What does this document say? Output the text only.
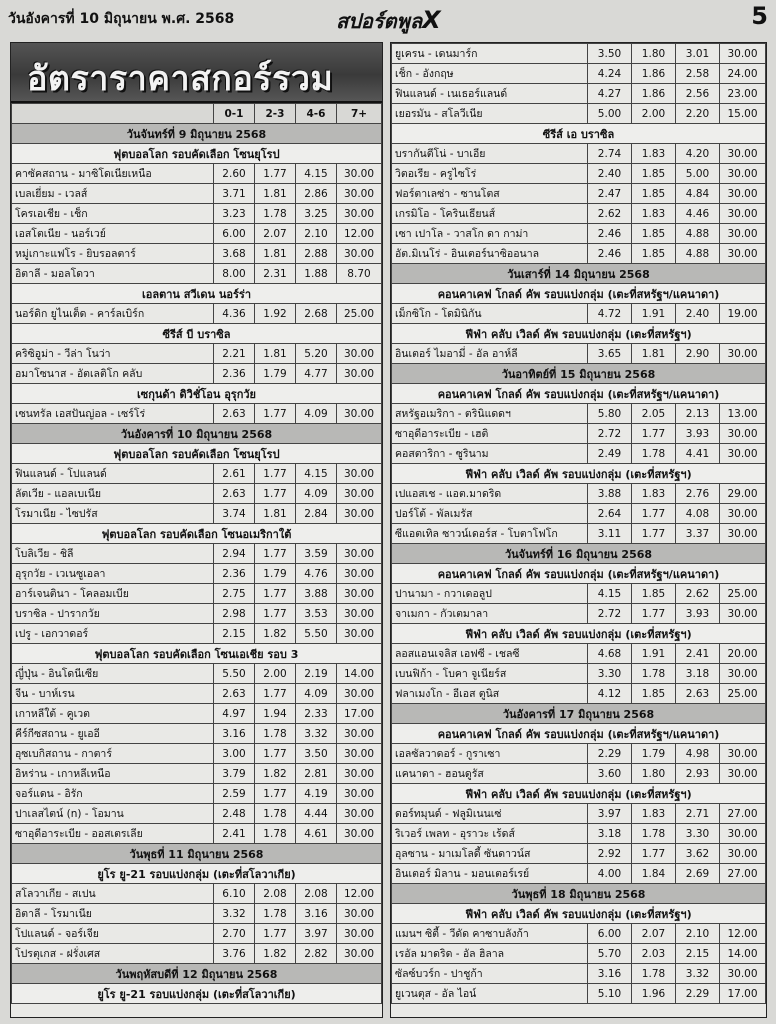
วันอังคารที่ 10 มิถุนายน พ.ศ. 2568	สปอร์ตพูลX	5
อัตราราคาสกอร์รวม
	0-1	2-3	4-6	7+
วันจันทร์ที่ 9 มิถุนายน 2568				
ฟุตบอลโลก รอบคัดเลือก โซนยุโรป				
คาซัคสถาน - มาซิโดเนียเหนือ	2.60	1.77	4.15	30.00
เบลเยี่ยม - เวลส์	3.71	1.81	2.86	30.00
โครเอเชีย - เช็ก	3.23	1.78	3.25	30.00
เอสโตเนีย - นอร์เวย์	6.00	2.07	2.10	12.00
หมู่เกาะแฟโร - ยิบรอลตาร์	3.68	1.81	2.88	30.00
อิตาลี - มอลโดวา	8.00	2.31	1.88	8.70
เอลตาน สวีเดน นอร์ร่า				
นอร์ดิก ยูไนเต็ด - คาร์ลเบิร์ก	4.36	1.92	2.68	25.00
ซีรีส์ บี บราซิล				
คริซิอูม่า - วีล่า โนว่า	2.21	1.81	5.20	30.00
อมาโซนาส - อัตเลติโก คลับ	2.36	1.79	4.77	30.00
เซกุนด้า ดิวิชั่โอน อุรุกวัย				
เซนทรัล เอสปันญ่อล - เซร์โร่	2.63	1.77	4.09	30.00
วันอังคารที่ 10 มิถุนายน 2568				
ฟุตบอลโลก รอบคัดเลือก โซนยุโรป				
ฟินแลนด์ - โปแลนด์	2.61	1.77	4.15	30.00
ลัตเวีย - แอลเบเนีย	2.63	1.77	4.09	30.00
โรมาเนีย - ไซปรัส	3.74	1.81	2.84	30.00
ฟุตบอลโลก รอบคัดเลือก โซนอเมริกาใต้				
โบลิเวีย - ชิลี	2.94	1.77	3.59	30.00
อุรุกวัย - เวเนซูเอลา	2.36	1.79	4.76	30.00
อาร์เจนตินา - โคลอมเบีย	2.75	1.77	3.88	30.00
บราซิล - ปารากวัย	2.98	1.77	3.53	30.00
เปรู - เอกวาดอร์	2.15	1.82	5.50	30.00
ฟุตบอลโลก รอบคัดเลือก โซนเอเชีย รอบ 3				
ญี่ปุ่น - อินโดนีเซีย	5.50	2.00	2.19	14.00
จีน - บาห์เรน	2.63	1.77	4.09	30.00
เกาหลีใต้ - คูเวต	4.97	1.94	2.33	17.00
คีร์กีซสถาน - ยูเออี	3.16	1.78	3.32	30.00
อุซเบกิสถาน - กาตาร์	3.00	1.77	3.50	30.00
อิหร่าน - เกาหลีเหนือ	3.79	1.82	2.81	30.00
จอร์แดน - อิรัก	2.59	1.77	4.19	30.00
ปาเลสไตน์ (n) - โอมาน	2.48	1.78	4.44	30.00
ซาอุดีอาระเบีย - ออสเตรเลีย	2.41	1.78	4.61	30.00
วันพุธที่ 11 มิถุนายน 2568				
ยูโร ยู-21 รอบแบ่งกลุ่ม (เตะที่สโลวาเกีย)				
สโลวาเกีย - สเปน	6.10	2.08	2.08	12.00
อิตาลี - โรมาเนีย	3.32	1.78	3.16	30.00
โปแลนด์ - จอร์เจีย	2.70	1.77	3.97	30.00
โปรตุเกส - ฝรั่งเศส	3.76	1.82	2.82	30.00
วันพฤหัสบดีที่ 12 มิถุนายน 2568				
ยูโร ยู-21 รอบแบ่งกลุ่ม (เตะที่สโลวาเกีย)				
ยูเครน - เดนมาร์ก	3.50	1.80	3.01	30.00
เช็ก - อังกฤษ	4.24	1.86	2.58	24.00
ฟินแลนด์ - เนเธอร์แลนด์	4.27	1.86	2.56	23.00
เยอรมัน - สโลวีเนีย	5.00	2.00	2.20	15.00
ซีรีส์ เอ บราซิล				
บรากันตีโน่ - บาเอีย	2.74	1.83	4.20	30.00
วิตอเรีย - ครูไซโร่	2.40	1.85	5.00	30.00
ฟอร์ตาเลซ่า - ซานโตส	2.47	1.85	4.84	30.00
เกรมิโอ - โครินเธียนส์	2.62	1.83	4.46	30.00
เซา เปาโล - วาสโก ดา กาม่า	2.46	1.85	4.88	30.00
อัต.มิเนโร่ - อินเตอร์นาซิออนาล	2.46	1.85	4.88	30.00
วันเสาร์ที่ 14 มิถุนายน 2568				
คอนคาเคฟ โกลด์ คัพ รอบแบ่งกลุ่ม (เตะที่สหรัฐฯ/แคนาดา)				
เม็กซิโก - โดมินิกัน	4.72	1.91	2.40	19.00
ฟีฟ่า คลับ เวิลด์ คัพ รอบแบ่งกลุ่ม (เตะที่สหรัฐฯ)				
อินเตอร์ ไมอามี่ - อัล อาห์ลี	3.65	1.81	2.90	30.00
วันอาทิตย์ที่ 15 มิถุนายน 2568				
คอนคาเคฟ โกลด์ คัพ รอบแบ่งกลุ่ม (เตะที่สหรัฐฯ/แคนาดา)				
สหรัฐอเมริกา - ตรินิแดดฯ	5.80	2.05	2.13	13.00
ซาอุดีอาระเบีย - เฮติ	2.72	1.77	3.93	30.00
คอสตาริกา - ซูรินาม	2.49	1.78	4.41	30.00
ฟีฟ่า คลับ เวิลด์ คัพ รอบแบ่งกลุ่ม (เตะที่สหรัฐฯ)				
เปแอสเช - แอต.มาดริด	3.88	1.83	2.76	29.00
ปอร์โต้ - พัลเมรัส	2.64	1.77	4.08	30.00
ซีแอตเทิล ซาวน์เดอร์ส - โบตาโฟโก	3.11	1.77	3.37	30.00
วันจันทร์ที่ 16 มิถุนายน 2568				
คอนคาเคฟ โกลด์ คัพ รอบแบ่งกลุ่ม (เตะที่สหรัฐฯ/แคนาดา)				
ปานามา - กวาเดอลูป	4.15	1.85	2.62	25.00
จาเมกา - กัวเตมาลา	2.72	1.77	3.93	30.00
ฟีฟ่า คลับ เวิลด์ คัพ รอบแบ่งกลุ่ม (เตะที่สหรัฐฯ)				
ลอสแอนเจลิส เอฟซี - เชลซี	4.68	1.91	2.41	20.00
เบนฟิก้า - โบคา จูเนียร์ส	3.30	1.78	3.18	30.00
ฟลาเมงโก - อีเอส ตูนิส	4.12	1.85	2.63	25.00
วันอังคารที่ 17 มิถุนายน 2568				
คอนคาเคฟ โกลด์ คัพ รอบแบ่งกลุ่ม (เตะที่สหรัฐฯ/แคนาดา)				
เอลซัลวาดอร์ - กูราเซา	2.29	1.79	4.98	30.00
แคนาดา - ฮอนดูรัส	3.60	1.80	2.93	30.00
ฟีฟ่า คลับ เวิลด์ คัพ รอบแบ่งกลุ่ม (เตะที่สหรัฐฯ)				
ดอร์ทมุนด์ - ฟลูมิเนนเซ่	3.97	1.83	2.71	27.00
ริเวอร์ เพลท - อุราวะ เร้ดส์	3.18	1.78	3.30	30.00
อุลซาน - มาเมโลดี้ ซันดาวน์ส	2.92	1.77	3.62	30.00
อินเตอร์ มิลาน - มอนเตอร์เรย์	4.00	1.84	2.69	27.00
วันพุธที่ 18 มิถุนายน 2568				
ฟีฟ่า คลับ เวิลด์ คัพ รอบแบ่งกลุ่ม (เตะที่สหรัฐฯ)				
แมนฯ ซิตี้ - วีดัด คาซาบลังก้า	6.00	2.07	2.10	12.00
เรอัล มาดริด - อัล ฮิลาล	5.70	2.03	2.15	14.00
ซัลซ์บวร์ก - ปาชูก้า	3.16	1.78	3.32	30.00
ยูเวนตุส - อัล ไอน์	5.10	1.96	2.29	17.00
